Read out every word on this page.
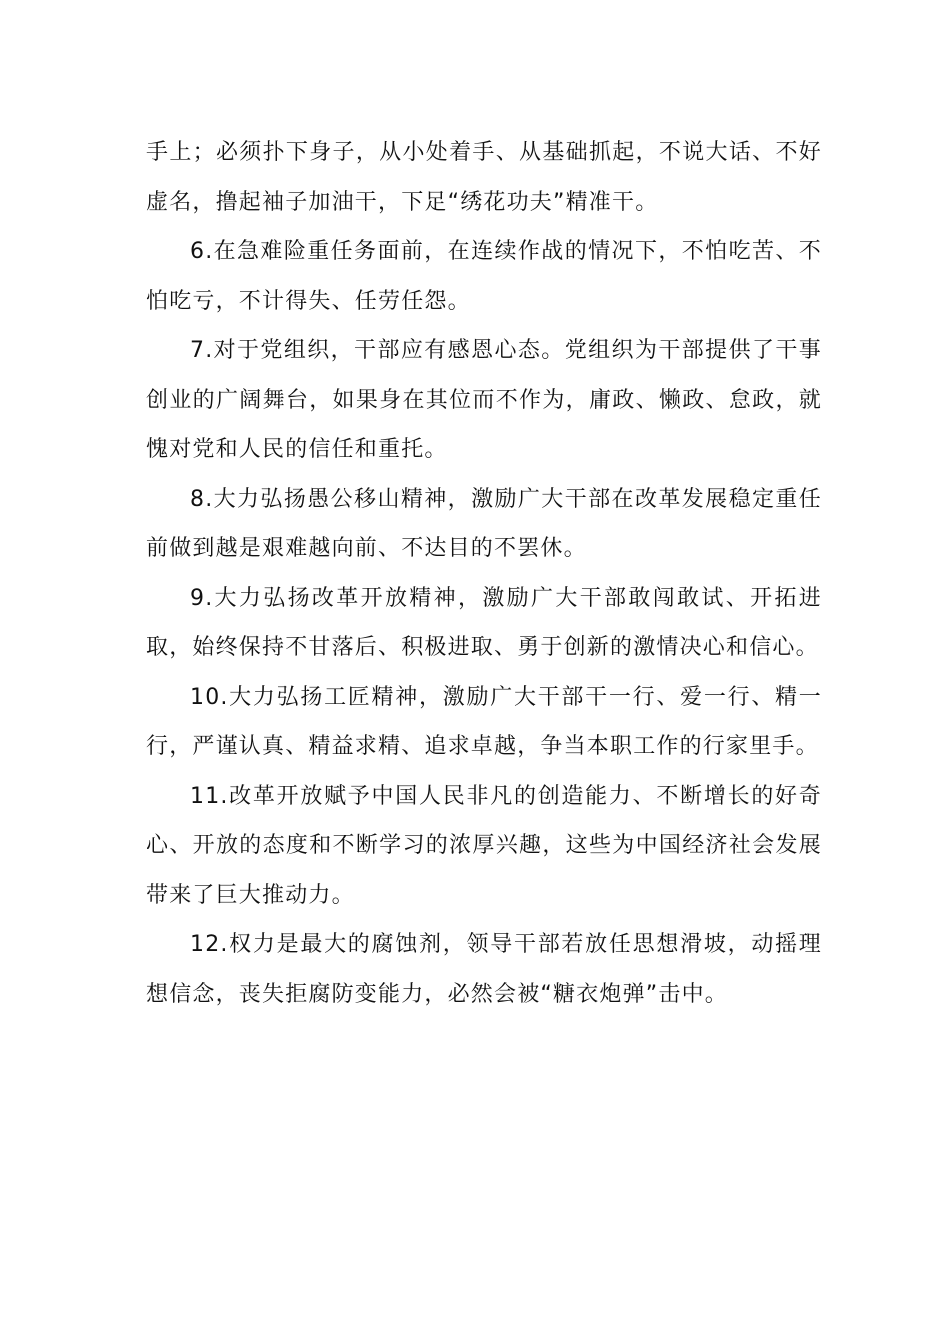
手上；必须扑下身子，从小处着手、从基础抓起，不说大话、不好虚名，撸起袖子加油干，下足“绣花功夫”精准干。

6.在急难险重任务面前，在连续作战的情况下，不怕吃苦、不怕吃亏，不计得失、任劳任怨。

7.对于党组织，干部应有感恩心态。党组织为干部提供了干事创业的广阔舞台，如果身在其位而不作为，庸政、懒政、怠政，就愧对党和人民的信任和重托。

8.大力弘扬愚公移山精神，激励广大干部在改革发展稳定重任前做到越是艰难越向前、不达目的不罢休。

9.大力弘扬改革开放精神，激励广大干部敢闯敢试、开拓进取，始终保持不甘落后、积极进取、勇于创新的激情决心和信心。

10.大力弘扬工匠精神，激励广大干部干一行、爱一行、精一行，严谨认真、精益求精、追求卓越，争当本职工作的行家里手。

11.改革开放赋予中国人民非凡的创造能力、不断增长的好奇心、开放的态度和不断学习的浓厚兴趣，这些为中国经济社会发展带来了巨大推动力。

12.权力是最大的腐蚀剂，领导干部若放任思想滑坡，动摇理想信念，丧失拒腐防变能力，必然会被“糖衣炮弹”击中。
